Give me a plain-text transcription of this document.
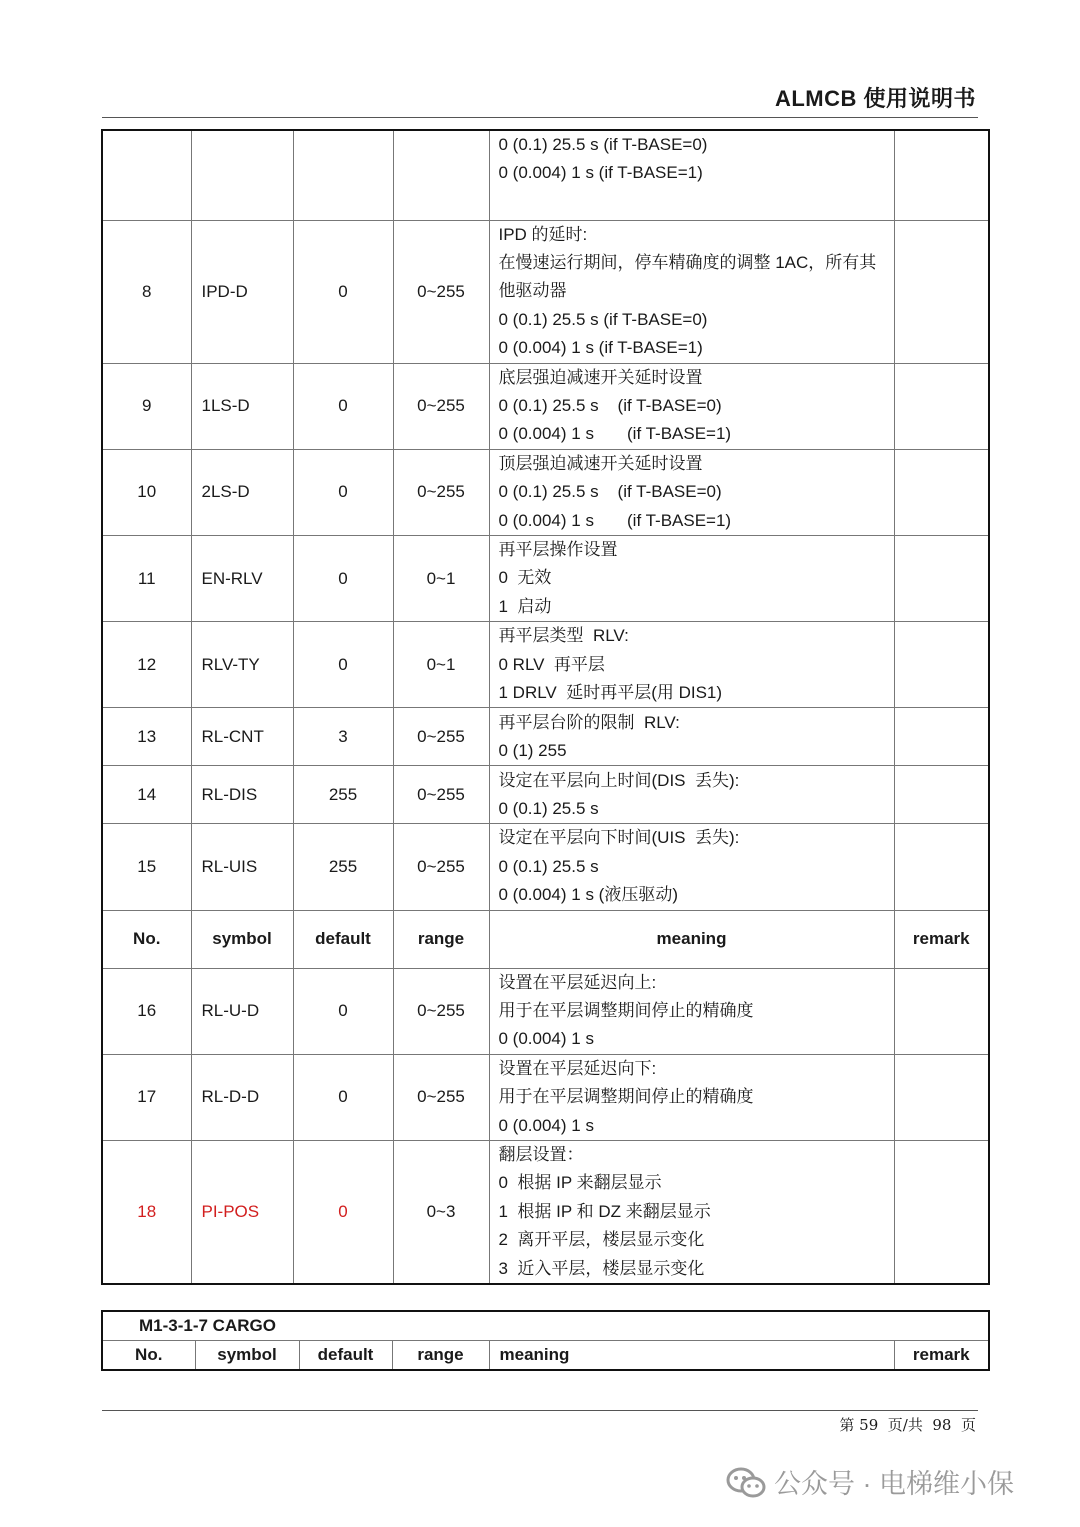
ALMCB 使用说明书

				0 (0.1) 25.5 s (if T-BASE=0)
0 (0.004) 1 s (if T-BASE=1)	

8	IPD-D	0	0~255	IPD 的延时:
在慢速运行期间，停车精确度的调整 1AC，所有其他驱动器
0 (0.1) 25.5 s (if T-BASE=0)
0 (0.004) 1 s (if T-BASE=1)	

9	1LS-D	0	0~255	底层强迫减速开关延时设置
0 (0.1) 25.5 s    (if T-BASE=0)
0 (0.004) 1 s       (if T-BASE=1)	

10	2LS-D	0	0~255	顶层强迫减速开关延时设置
0 (0.1) 25.5 s    (if T-BASE=0)
0 (0.004) 1 s       (if T-BASE=1)	

11	EN-RLV	0	0~1	再平层操作设置
0  无效
1  启动	

12	RLV-TY	0	0~1	再平层类型  RLV:
0 RLV  再平层
1 DRLV  延时再平层(用 DIS1)	

13	RL-CNT	3	0~255	再平层台阶的限制  RLV:
0 (1) 255	

14	RL-DIS	255	0~255	设定在平层向上时间(DIS  丢失):
0 (0.1) 25.5 s	

15	RL-UIS	255	0~255	设定在平层向下时间(UIS  丢失):
0 (0.1) 25.5 s
0 (0.004) 1 s (液压驱动)	

No.	symbol	default	range	meaning	remark
16	RL-U-D	0	0~255	设置在平层延迟向上:
用于在平层调整期间停止的精确度
0 (0.004) 1 s	

17	RL-D-D	0	0~255	设置在平层延迟向下:
用于在平层调整期间停止的精确度
0 (0.004) 1 s	

18	PI-POS	0	0~3	翻层设置：
0  根据 IP 来翻层显示
1  根据 IP 和 DZ 来翻层显示
2  离开平层，楼层显示变化
3  近入平层，楼层显示变化	

M1-3-1-7 CARGO
No.	symbol	default	range	meaning	remark
第 59  页/共  98  页
公众号 · 电梯维小保
